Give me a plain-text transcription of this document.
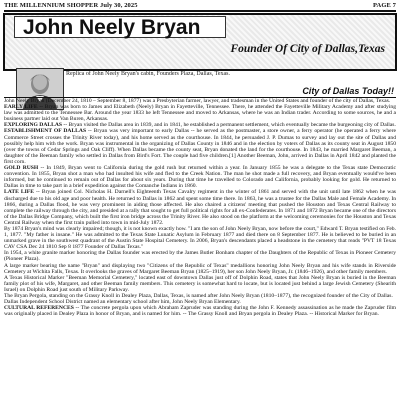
THE MILLENNIUM SHOPPER July 30, 2025	PAGE 7
John Neely Bryan
Founder Of City of Dallas,Texas
Replica of John Neely Bryan's cabin, Founders Plaza, Dallas, Texas.
City of Dallas Today!!

John Neely Bryan (December 24, 1810 – September 8, 1877) was a Presbyterian farmer, lawyer, and tradesman in the United States and founder of the city of Dallas, Texas.

EARLY LIFE -- Bryan was born to James and Elizabeth (Neely) Bryan in Fayetteville, Tennessee. There, he attended the Fayetteville Military Academy and after studying law was admitted to the Tennessee Bar. Around the year 1833 he left Tennessee and moved to Arkansas, where he was an Indian trader. According to some sources, he and a business partner laid out Van Buren, Arkansas.

EXPLORING DALLAS -- Bryan visited the Dallas area in 1839, and in 1841, he established a permanent settlement, which eventually became the burgeoning city of Dallas.

ESTABLISHMENT OF DALLAS -- Bryan was very important to early Dallas -- he served as the postmaster, a store owner, a ferry operator (he operated a ferry where Commerce Street crosses the Trinity River today), and his home served as the courthouse. In 1844, he persuaded J. P. Dumas to survey and lay out the site of Dallas and possibly help him with the work. Bryan was instrumental in the organizing of Dallas County in 1846 and in the election by voters of Dallas as its county seat in August 1850 (over the towns of Cedar Springs and Oak Cliff). When Dallas became the county seat, Bryan donated the land for the courthouse. In 1843, he married Margaret Beeman, a daughter of the Beeman family who settled in Dallas from Bird's Fort. The couple had five children.[1] Another Beeman, John, arrived in Dallas in April 1842 and planted the first corn.

GOLD RUSH -- In 1849, Bryan went to California during the gold rush but returned within a year. In January 1855 he was a delegate to the Texas state Democratic convention. In 1855, Bryan shot a man who had insulted his wife and fled to the Creek Nation. The man he shot made a full recovery, and Bryan eventually would've been informed, but he continued to remain out of Dallas for about six years. During that time he travelled to Colorado and California, probably looking for gold. He returned to Dallas in time to take part in a brief expedition against the Comanche Indians in 1860.

LATE LIFE -- Bryan joined Col. Nicholas H. Darnell's Eighteenth Texas Cavalry regiment in the winter of 1861 and served with the unit until late 1862 when he was discharged due to his old age and poor health. He returned to Dallas in 1862 and spent some time there. In 1863, he was a trustee for the Dallas Male and Female Academy. In 1866, during a Dallas flood, he was very prominent in aiding those affected. He also chaired a citizens' meeting that pushed the Houston and Texas Central Railway to complete the railway through the city, and presided at a rally that sought to get full political rights for all ex-Confederates. In 1871 and 1872 Bryan became one of the directors of the Dallas Bridge Company, which built the first iron bridge across the Trinity River. He also stood on the platform at the welcoming ceremonies for the Houston and Texas Central Railway when the first train pulled into town in mid-July 1872.

By 1874 Bryan's mind was clearly impaired; though, it is not known exactly how. "I am the son of John Neely Bryan, now before the court," Edward T. Bryan testified on Feb. 1, 1877. "My father is insane." He was admitted to the Texas State Lunatic Asylum in February 1877 and died there on 8 September 1877. He is believed to be buried in an unmarked grave in the southwest quadrant of the Austin State Hospital Cemetery. In 2006, Bryan's descendants placed a headstone in the cemetery that reads "PVT 18 Texas CAV CSA Dec 24 1810 Sep 8 1877 Founder of Dallas Texas."

In 1954, a white granite marker honoring the Dallas founder was erected by the James Butler Bonham chapter of the Daughters of the Republic of Texas in Pioneer Cemetery (Pioneer Plaza).

A large marker bearing the name "Bryan" and displaying two "Citizens of the Republic of Texas" medallions honoring John Neely Bryan and his wife stands in Riverside Cemetery at Wichita Falls, Texas. It overlooks the graves of Margaret Beeman Bryan (1825–1919), her son John Neely Bryan, Jr. (1846–1926), and other family members.

A Texas Historical Marker "Beeman Memorial Cemetery," located east of downtown Dallas just off of Dolphin Road, states that John Neely Bryan is buried in the Beeman family plot of his wife, Margaret, and other Beeman family members. This cemetery is somewhat hard to locate, but is located just behind a large Jewish Cemetery (Shearith Israel) on Dolphin Road just south of Military Parkway.

The Bryan Pergola, standing on the Grassy Knoll in Dealey Plaza, Dallas, Texas, is named after John Neely Bryan (1810–1877), the recognized founder of the City of Dallas.

Dallas Independent School District named an elementary school after him, John Neely Bryan Elementary.

CULTURAL REFERENCES -- The concrete pergola upon which Abraham Zapruder was standing during the John F. Kennedy assassination as he made the Zapruder film was originally placed in Dealey Plaza in honor of Bryan, and is named for him. -- The Grassy Knoll and Bryan pergola in Dealey Plaza. -- Historical Marker for Bryan.
